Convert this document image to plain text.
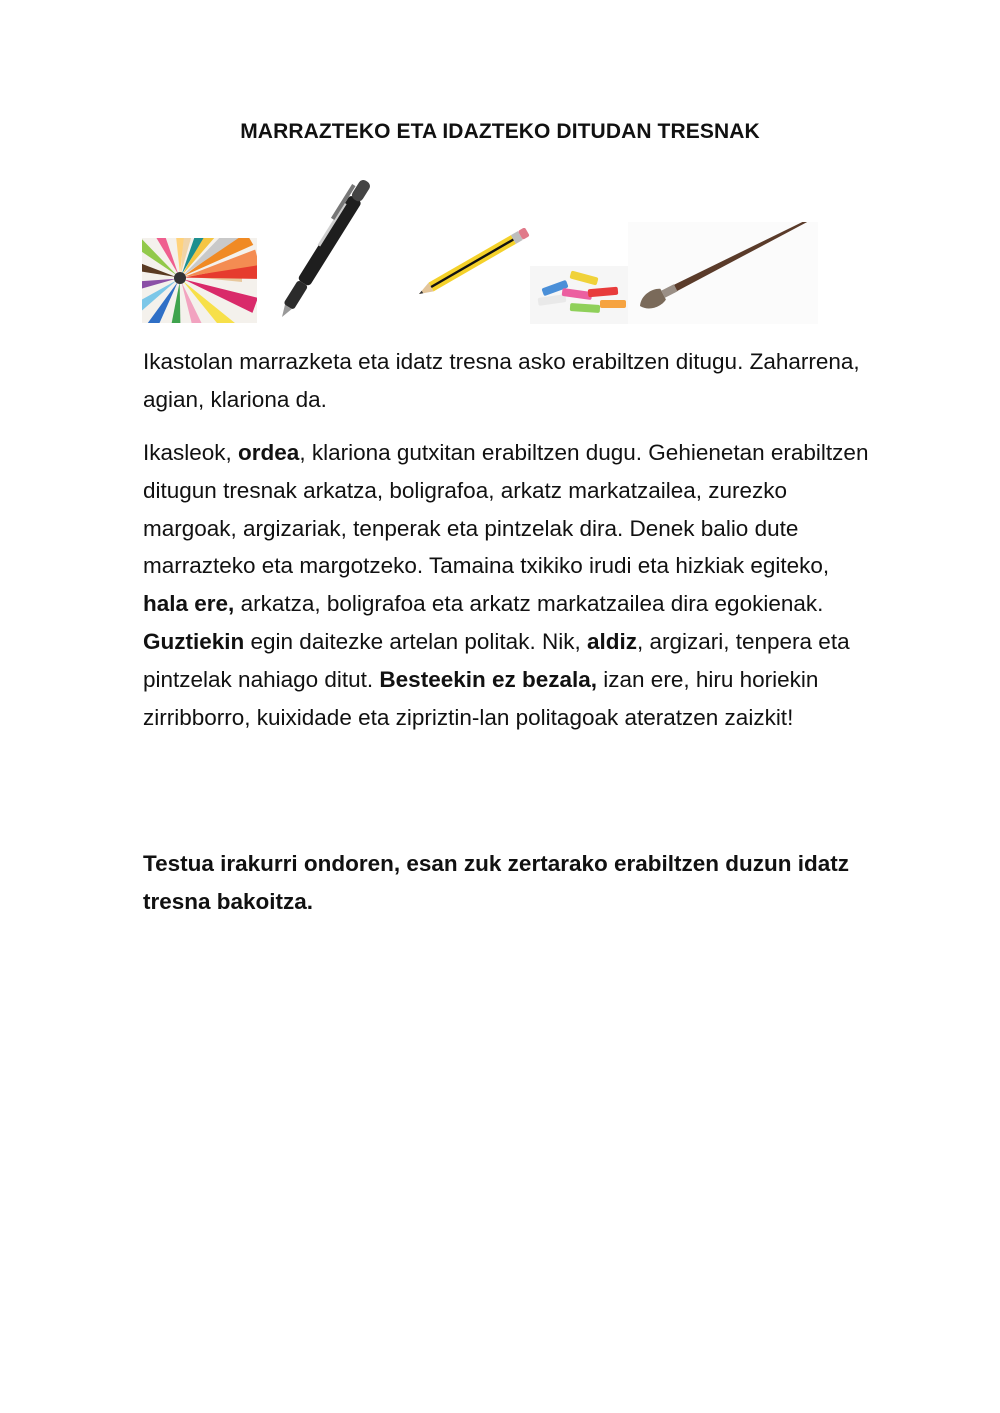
MARRAZTEKO ETA IDAZTEKO DITUDAN TRESNAK

Ikastolan marrazketa eta idatz tresna asko erabiltzen ditugu. Zaharrena, agian, klariona da.

Ikasleok, ordea, klariona gutxitan erabiltzen dugu. Gehienetan erabiltzen ditugun tresnak arkatza, boligrafoa, arkatz markatzailea, zurezko margoak, argizariak, tenperak eta pintzelak dira. Denek balio dute marrazteko eta margotzeko. Tamaina txikiko irudi eta hizkiak egiteko, hala ere, arkatza, boligrafoa eta arkatz markatzailea dira egokienak. Guztiekin egin daitezke artelan politak. Nik, aldiz, argizari, tenpera eta pintzelak nahiago ditut. Besteekin ez bezala, izan ere, hiru horiekin zirribborro, kuixidade eta zipriztin-lan politagoak ateratzen zaizkit!

Testua irakurri ondoren, esan zuk zertarako erabiltzen duzun idatz tresna bakoitza.
